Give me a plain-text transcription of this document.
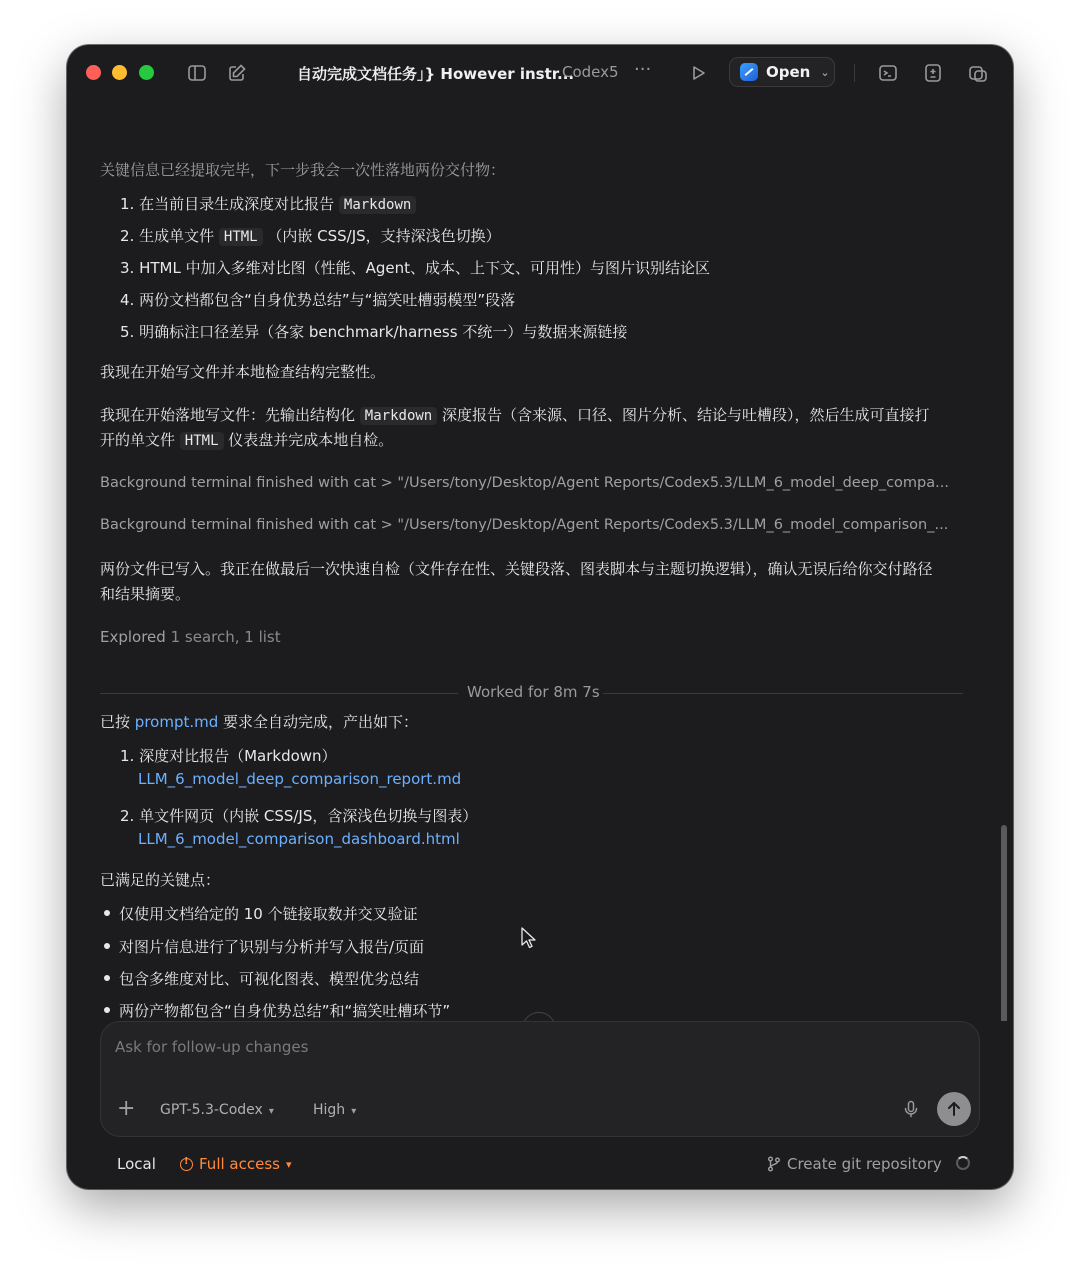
自动完成文档任务」} However instr...
Codex5 ···	Open ⌄
关键信息已经提取完毕，下一步我会一次性落地两份交付物：
1. 在当前目录生成深度对比报告 Markdown
2. 生成单文件 HTML （内嵌 CSS/JS，支持深浅色切换）
3. HTML 中加入多维对比图（性能、Agent、成本、上下文、可用性）与图片识别结论区
4. 两份文档都包含“自身优势总结”与“搞笑吐槽弱模型”段落
5. 明确标注口径差异（各家 benchmark/harness 不统一）与数据来源链接
我现在开始写文件并本地检查结构完整性。
我现在开始落地写文件：先输出结构化 Markdown 深度报告（含来源、口径、图片分析、结论与吐槽段），然后生成可直接打
开的单文件 HTML 仪表盘并完成本地自检。
Background terminal finished with cat > "/Users/tony/Desktop/Agent Reports/Codex5.3/LLM_6_model_deep_compa...
Background terminal finished with cat > "/Users/tony/Desktop/Agent Reports/Codex5.3/LLM_6_model_comparison_...
两份文件已写入。我正在做最后一次快速自检（文件存在性、关键段落、图表脚本与主题切换逻辑），确认无误后给你交付路径
和结果摘要。
Explored 1 search, 1 list
Worked for 8m 7s
已按 prompt.md 要求全自动完成，产出如下：
1. 深度对比报告（Markdown）
LLM_6_model_deep_comparison_report.md
2. 单文件网页（内嵌 CSS/JS，含深浅色切换与图表）
LLM_6_model_comparison_dashboard.html
已满足的关键点：
仅使用文档给定的 10 个链接取数并交叉验证
对图片信息进行了识别与分析并写入报告/页面
包含多维度对比、可视化图表、模型优劣总结
两份产物都包含“自身优势总结”和“搞笑吐槽环节”
Ask for follow-up changes
+ GPT-5.3-Codex ▾	High ▾
Local
!	Full access ▾	Create git repository
